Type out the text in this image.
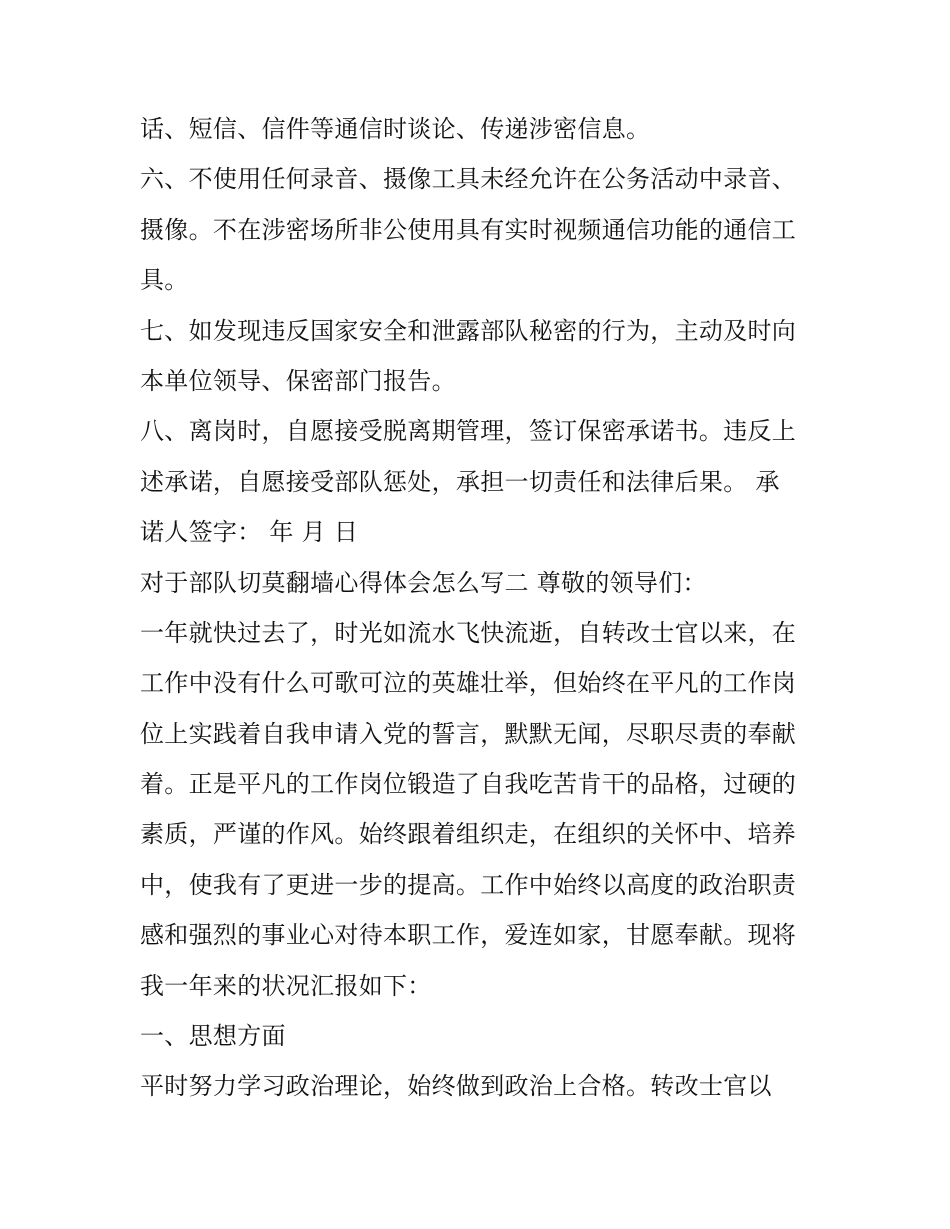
话、短信、信件等通信时谈论、传递涉密信息。
六、不使用任何录音、摄像工具未经允许在公务活动中录音、
摄像。不在涉密场所非公使用具有实时视频通信功能的通信工
具。
七、如发现违反国家安全和泄露部队秘密的行为，主动及时向
本单位领导、保密部门报告。
八、离岗时，自愿接受脱离期管理，签订保密承诺书。违反上
述承诺，自愿接受部队惩处，承担一切责任和法律后果。 承
诺人签字： 年 月 日
对于部队切莫翻墙心得体会怎么写二 尊敬的领导们：
一年就快过去了，时光如流水飞快流逝，自转改士官以来，在
工作中没有什么可歌可泣的英雄壮举，但始终在平凡的工作岗
位上实践着自我申请入党的誓言，默默无闻，尽职尽责的奉献
着。正是平凡的工作岗位锻造了自我吃苦肯干的品格，过硬的
素质，严谨的作风。始终跟着组织走，在组织的关怀中、培养
中，使我有了更进一步的提高。工作中始终以高度的政治职责
感和强烈的事业心对待本职工作，爱连如家，甘愿奉献。现将
我一年来的状况汇报如下：
一、思想方面
平时努力学习政治理论，始终做到政治上合格。转改士官以
